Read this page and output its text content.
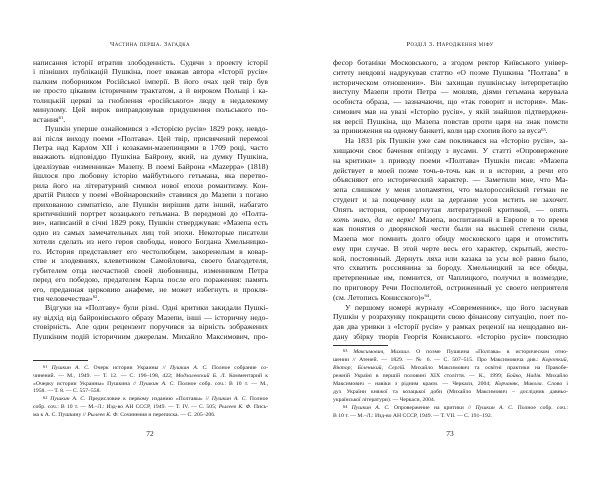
Частина перша. Загадка
написання історії втратив злободенність. Судячи з проекту історії
і пізніших публікацій Пушкіна, поет вважав автора «Історії русів»
палким поборником Російської імперії. В його очах цей твір був
не просто цікавим історичним трактатом, а й вироком Польщі і ка-
толицькій церкві за гноблення «російського» люду в недалекому
минулому. Цей вирок виправдовував придушення польського по-
встання$^{61}$.
Пушкін уперше ознайомився з «Історією русів» 1829 року, невдо-
взі після виходу поеми «Полтава». Цей твір, присвячений перемозі
Петра над Карлом XII і козаками-мазепинцями в 1709 році, часто
вважають відповіддю Пушкіна Байрону, який, на думку Пушкіна,
ідеалізував «изменника» Мазепу. В поемі Байрона «Mazeppa» (1818)
йшлося про любовну історію майбутнього гетьмана, яка перетво-
рила його на літературний символ нової епохи романтизму. Кон-
дратій Рилєєв у поемі «Войнаровский» ставився до Мазепи з погано
прихованою симпатією, але Пушкін вирішив дати інший, набагато
критичніший портрет козацького гетьмана. В передмові до «Полта-
ви», написаній в січні 1829 року, Пушкін стверджував: «Мазепа есть
одно из самых замечательных лиц той эпохи. Некоторые писатели
хотели сделать из него героя свободы, нового Богдана Хмельницко-
го. История представляет его честолюбцем, закоренелым в ковар-
стве и злодеяниях, клеветником Самойловича, своего благодетеля,
губителем отца несчастной своей любовницы, изменником Петра
перед его победою, предателем Карла после его поражения: память
его, преданная церковию анафеме, не может избегнуть и прокля-
тия человечества»$^{62}$.
Відгуки на «Полтаву» були різні. Одні критики закидали Пушкі-
ну відхід від байронівського образу Мазепи, інші — історичну недо-
стовірність. Але один рецензент поручився за вірність зображених
Пушкіним подій історичним джерелам. Михайло Максимович, про-
$^{61}$ Пушкин А. С. Очерк истории Украины // Пушкин А. С. Полное собрание со-
чинений. — М., 1949. — Т. 12. — С. 196–198, 422; Модзалевский Б. Л. Комментарий к
«Очерку истории Украины» Пушкина // Пушкин А. С. Полное собр. соч.: В 10 т. — М.,
1958. — Т. 8. — С. 557–558.
$^{62}$ Пушкин А. С. Предисловие к первому изданию «Полтавы» // Пушкин А. С. Полное
собр. соч.: В 10 т. — М.–Л.: Изд-во АН СССР, 1949. — Т. IV. — С. 505; Рылеев К. Ф. Пись-
ма к А. С. Пушкину // Рылеев К. Ф. Сочинения и переписка. — С. 205–206.
72
Розділ 3. Народження міфу
фесор ботаніки Московського, а згодом ректор Київського універ-
ситету невдовзі надрукував статтю «О поэме Пушкина "Полтава" в
историческом отношении». Він захищав пушкінську інтерпретацію
виступу Мазепи проти Петра — мовляв, діями гетьмана керувала
особиста образа, — зазначаючи, що «так говорит и история». Мак-
симович мав на увазі «Історію русів», у якій знайшов підтверджен-
ня версії Пушкіна, що Мазепа повстав проти царя на знак помсти
за приниження на одному банкеті, коли цар схопив його за вуса$^{63}$.
На 1831 рік Пушкін уже сам покликався на «Історію русів», за-
хищаючи своє бачення епізоду з вусами. У статті «Опровержение
на критики» з приводу поеми «Полтава» Пушкін писав: «Мазепа
действует в моей поэме точь-в-точь как и в истории, а речи его
объясняют его исторический характер. — Заметили мне, что Ма-
зепа слишком у меня злопамятен, что малороссийский гетман не
студент и за пощечину или за дергание усов мстить не захочет.
Опять история, опровергнутая литературной критикой, — опять
хоть знаю, да не верю! Мазепа, воспитанный в Европе в то время
как понятия о дворянской чести были на высшей степени силы,
Мазепа мог помнить долго обиду московского царя и отомстить
ему при случае. В этой черте весь его характер, скрытый, жесто-
кой, постоянный. Дернуть ляха или казака за усы всё равно было,
что схватить россиянина за бороду. Хмельницкий за все обиды,
претерпенные им, помнится, от Чаплицкого, получил в возмездие,
по приговору Речи Посполитой, остриженный ус своего неприятеля
(см. Летопись Конисского)»$^{64}$.
У першому номері журналу «Современник», що його заснував
Пушкін у розрахунку покращити свою фінансову ситуацію, поет по-
дав два уривки з «Історії русів» у рамках рецензії на нещодавно ви-
дану збірку творів Георгія Кониського. «Історію русів» повсюдно
$^{63}$ Максимович, Михаил. О поэме Пушкина «Полтава» в историческом отно-
шении // Атеней. — 1829. — № 6. — С. 507–515. Про Максимовича див.: Короткий,
Віктор; Біленький, Сергій. Михайло Максимович та освітні практики на Правобе-
режній Україні в першій половині XIX століття. — К., 1999; Бойко, Надія. Михайло
Максимович – навіки з рідним краєм. — Черкаси, 2004; Корчаняк, Микола. Слово і
дух України княжої та козацької доби (Михайло Максимович – дослідник давньо-
української літератури). — Черкаси, 2004.
$^{64}$ Пушкин А. С. Опровержение на критики // Пушкин А. С. Полное собр. соч.:
В 10 т. — М.–Л.: Изд-во АН СССР, 1949. — Т. VII. — С. 191–192.
73
